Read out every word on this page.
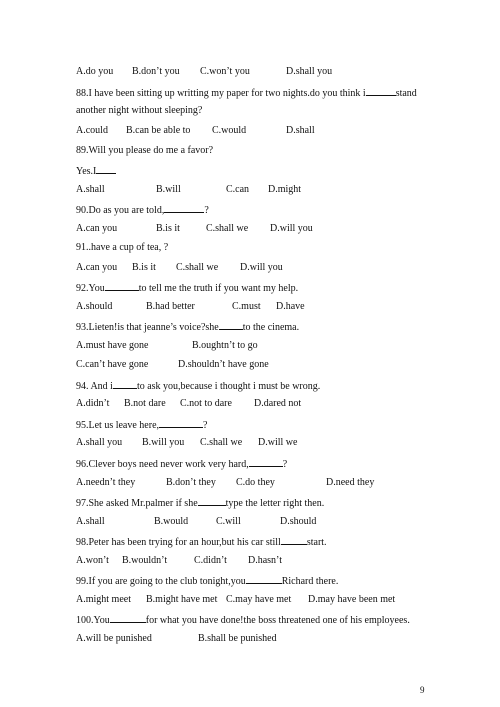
9
A.do you B.don’t you C.won’t you	D.shall you
88.I have been sitting up writting my paper for two nights.do you think i	stand
another night without sleeping?
A.could B.can be able to C.would	D.shall
89.Will you please do me a favor?
Yes.I
A.shall	B.will	C.can D.might
90.Do as you are told,	?
A.can you	B.is it	C.shall we D.will you
91..have a cup of tea, ?
A.can you B.is it C.shall we D.will you
92.You	to tell me the truth if you want my help.
A.should	B.had better	C.must D.have
93.Lieten!is that jeanne’s voice?she to the cinema.
A.must have gone	B.oughtn’t to go
C.can’t have gone	D.shouldn’t have gone
94. And i to ask you,because i thought i must be wrong.
A.didn’t B.not dare C.not to dare D.dared not
95.Let us leave here,	?
A.shall you B.will you C.shall we D.will we
96.Clever boys need never work very hard,	?
A.needn’t they	B.don’t they C.do they	D.need they
97.She asked Mr.palmer if she	type the letter right then.
A.shall	B.would	C.will	D.should
98.Peter has been trying for an hour,but his car still	start.
A.won’t B.wouldn’t	C.didn’t D.hasn’t
99.If you are going to the club tonight,you	Richard there.
A.might meet B.might have met C.may have met D.may have been met
100.You	for what you have done!the boss threatened one of his employees.
A.will be punished	B.shall be punished
